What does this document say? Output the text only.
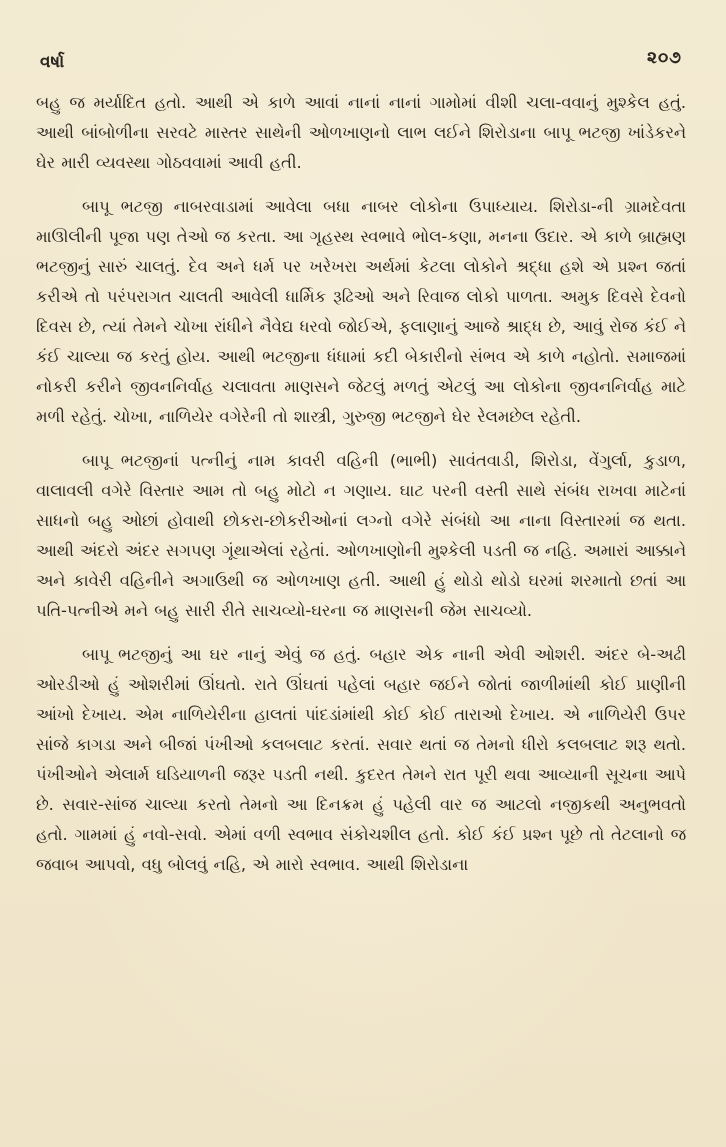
વર્ષા	૨૦૭

બહુ જ મર્યાદિત હતો. આથી એ કાળે આવાં નાનાં નાનાં ગામોમાં વીશી ચલા-વવાનું મુશ્કેલ હતું. આથી બાંબોળીના સરવટે માસ્તર સાથેની ઓળખાણનો લાભ લઈને શિરોડાના બાપૂ ભટજી ખાંડેકરને ઘેર મારી વ્યવસ્થા ગોઠવવામાં આવી હતી.

બાપૂ ભટજી નાબરવાડામાં આવેલા બધા નાબર લોકોના ઉપાધ્યાય. શિરોડા-ની ગ્રામદેવતા માઊલીની પૂજા પણ તેઓ જ કરતા. આ ગૃહસ્થ સ્વભાવે ભોલ-કણા, મનના ઉદાર. એ કાળે બ્રાહ્મણ ભટજીનું સારું ચાલતું. દેવ અને ધર્મ પર ખરેખરા અર્થમાં કેટલા લોકોને શ્રદ્ધા હશે એ પ્રશ્ન જતાં કરીએ તો પરંપરાગત ચાલતી આવેલી ધાર્મિક રૂઢિઓ અને રિવાજ લોકો પાળતા. અમુક દિવસે દેવનો દિવસ છે, ત્યાં તેમને ચોખા રાંધીને નૈવેદ્ય ધરવો જોઈએ, ફલાણાનું આજે શ્રાદ્ધ છે, આવું રોજ કંઈ ને કંઈ ચાલ્યા જ કરતું હોય. આથી ભટજીના ધંધામાં કદી બેકારીનો સંભવ એ કાળે નહોતો. સમાજમાં નોકરી કરીને જીવનનિર્વાહ ચલાવતા માણસને જેટલું મળતું એટલું આ લોકોના જીવનનિર્વાહ માટે મળી રહેતું. ચોખા, નાળિયેર વગેરેની તો શાસ્ત્રી, ગુરુજી ભટજીને ઘેર રેલમછેલ રહેતી.

બાપૂ ભટજીનાં પત્નીનું નામ કાવરી વહિની (ભાભી) સાવંતવાડી, શિરોડા, વેંગુર્લા, કુડાળ, વાલાવલી વગેરે વિસ્તાર આમ તો બહુ મોટો ન ગણાય. ઘાટ પરની વસ્તી સાથે સંબંધ રાખવા માટેનાં સાધનો બહુ ઓછાં હોવાથી છોકરા-છોકરીઓનાં લગ્નો વગેરે સંબંધો આ નાના વિસ્તારમાં જ થતા. આથી અંદરો અંદર સગપણ ગૂંથાએલાં રહેતાં. ઓળખાણોની મુશ્કેલી પડતી જ નહિ. અમારાં આક્કાને અને કાવેરી વહિનીને અગાઉથી જ ઓળખાણ હતી. આથી હું થોડો થોડો ઘરમાં શરમાતો છતાં આ પતિ-પત્નીએ મને બહુ સારી રીતે સાચવ્યો-ઘરના જ માણસની જેમ સાચવ્યો.

બાપૂ ભટજીનું આ ઘર નાનું એવું જ હતું. બહાર એક નાની એવી ઓશરી. અંદર બે-અઢી ઓરડીઓ હું ઓશરીમાં ઊંઘતો. રાતે ઊંઘતાં પહેલાં બહાર જઈને જોતાં જાળીમાંથી કોઈ પ્રાણીની આંખો દેખાય. એમ નાળિયેરીના હાલતાં પાંદડાંમાંથી કોઈ કોઈ તારાઓ દેખાય. એ નાળિયેરી ઉપર સાંજે કાગડા અને બીજાં પંખીઓ કલબલાટ કરતાં. સવાર થતાં જ તેમનો ધીરો કલબલાટ શરૂ થતો. પંખીઓને એલાર્મ ઘડિયાળની જરૂર પડતી નથી. કુદરત તેમને રાત પૂરી થવા આવ્યાની સૂચના આપે છે. સવાર-સાંજ ચાલ્યા કરતો તેમનો આ દિનક્રમ હું પહેલી વાર જ આટલો નજીકથી અનુભવતો હતો. ગામમાં હું નવો-સવો. એમાં વળી સ્વભાવ સંકોચશીલ હતો. કોઈ કંઈ પ્રશ્ન પૂછે તો તેટલાનો જ જવાબ આપવો, વધુ બોલવું નહિ, એ મારો સ્વભાવ. આથી શિરોડાના
